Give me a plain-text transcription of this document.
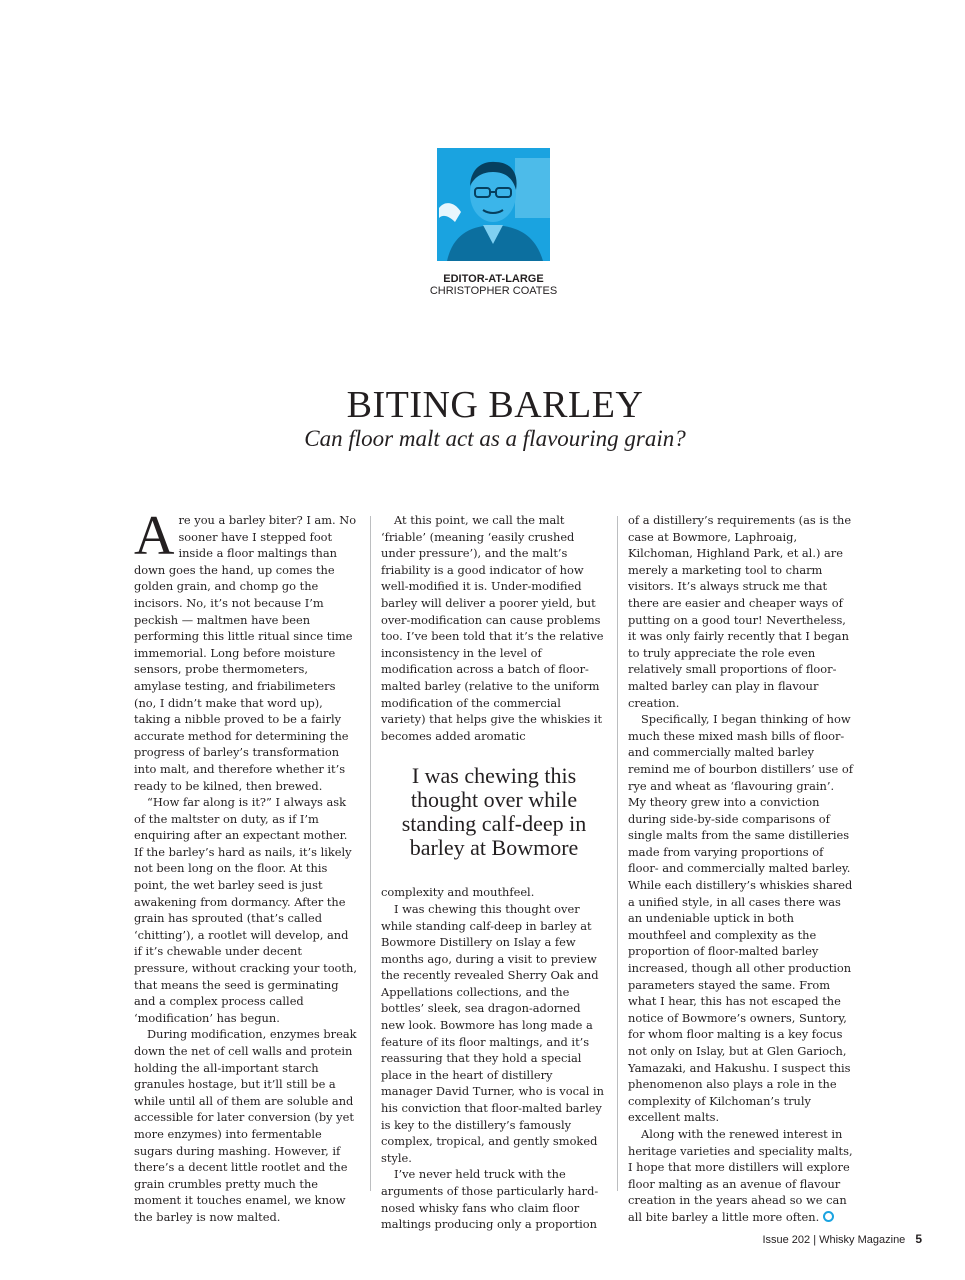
EDITOR-AT-LARGE
CHRISTOPHER COATES
BITING BARLEY
Can floor malt act as a flavouring grain?

Are you a barley biter? I am. No sooner have I stepped foot inside a floor maltings than down goes the hand, up comes the golden grain, and chomp go the incisors. No, it’s not because I’m peckish — maltmen have been performing this little ritual since time immemorial. Long before moisture sensors, probe thermometers, amylase testing, and friabilimeters (no, I didn’t make that word up), taking a nibble proved to be a fairly accurate method for determining the progress of barley’s transformation into malt, and therefore whether it’s ready to be kilned, then brewed.

“How far along is it?” I always ask of the maltster on duty, as if I’m enquiring after an expectant mother. If the barley’s hard as nails, it’s likely not been long on the floor. At this point, the wet barley seed is just awakening from dormancy. After the grain has sprouted (that’s called ‘chitting’), a rootlet will develop, and if it’s chewable under decent pressure, without cracking your tooth, that means the seed is germinating and a complex process called ‘modification’ has begun.

During modification, enzymes break down the net of cell walls and protein holding the all-important starch granules hostage, but it’ll still be a while until all of them are soluble and accessible for later conversion (by yet more enzymes) into fermentable sugars during mashing. However, if there’s a decent little rootlet and the grain crumbles pretty much the moment it touches enamel, we know the barley is now malted.

At this point, we call the malt ‘friable’ (meaning ‘easily crushed under pressure’), and the malt’s friability is a good indicator of how well-modified it is. Under-modified barley will deliver a poorer yield, but over-modification can cause problems too. I’ve been told that it’s the relative inconsistency in the level of modification across a batch of floor-malted barley (relative to the uniform modification of the commercial variety) that helps give the whiskies it becomes added aromatic

I was chewing this thought over while standing calf-deep in barley at Bowmore

complexity and mouthfeel.

I was chewing this thought over while standing calf-deep in barley at Bowmore Distillery on Islay a few months ago, during a visit to preview the recently revealed Sherry Oak and Appellations collections, and the bottles’ sleek, sea dragon-adorned new look. Bowmore has long made a feature of its floor maltings, and it’s reassuring that they hold a special place in the heart of distillery manager David Turner, who is vocal in his conviction that floor-malted barley is key to the distillery’s famously complex, tropical, and gently smoked style.

I’ve never held truck with the arguments of those particularly hard-nosed whisky fans who claim floor maltings producing only a proportion

of a distillery’s requirements (as is the case at Bowmore, Laphroaig, Kilchoman, Highland Park, et al.) are merely a marketing tool to charm visitors. It’s always struck me that there are easier and cheaper ways of putting on a good tour! Nevertheless, it was only fairly recently that I began to truly appreciate the role even relatively small proportions of floor-malted barley can play in flavour creation.

Specifically, I began thinking of how much these mixed mash bills of floor- and commercially malted barley remind me of bourbon distillers’ use of rye and wheat as ‘flavouring grain’. My theory grew into a conviction during side-by-side comparisons of single malts from the same distilleries made from varying proportions of floor- and commercially malted barley. While each distillery’s whiskies shared a unified style, in all cases there was an undeniable uptick in both mouthfeel and complexity as the proportion of floor-malted barley increased, though all other production parameters stayed the same. From what I hear, this has not escaped the notice of Bowmore’s owners, Suntory, for whom floor malting is a key focus not only on Islay, but at Glen Garioch, Yamazaki, and Hakushu. I suspect this phenomenon also plays a role in the complexity of Kilchoman’s truly excellent malts.

Along with the renewed interest in heritage varieties and speciality malts, I hope that more distillers will explore floor malting as an avenue of flavour creation in the years ahead so we can all bite barley a little more often.

Issue 202 | Whisky Magazine 5
